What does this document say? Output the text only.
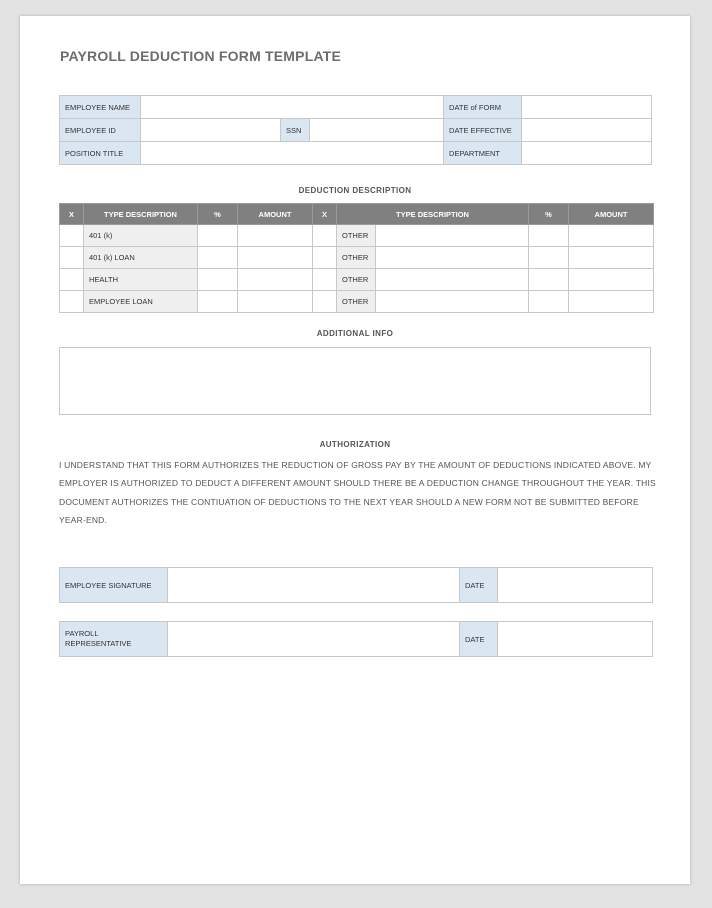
PAYROLL DEDUCTION FORM TEMPLATE
EMPLOYEE NAME				DATE of FORM	
EMPLOYEE ID		SSN		DATE EFFECTIVE	
POSITION TITLE				DEPARTMENT	
DEDUCTION DESCRIPTION
X	TYPE DESCRIPTION	%	AMOUNT	X	TYPE DESCRIPTION		%	AMOUNT
	401 (k)				OTHER			
	401 (k) LOAN				OTHER			
	HEALTH				OTHER			
	EMPLOYEE LOAN				OTHER			
ADDITIONAL INFO
AUTHORIZATION
I UNDERSTAND THAT THIS FORM AUTHORIZES THE REDUCTION OF GROSS PAY BY THE AMOUNT OF DEDUCTIONS INDICATED ABOVE. MY EMPLOYER IS AUTHORIZED TO DEDUCT A DIFFERENT AMOUNT SHOULD THERE BE A DEDUCTION CHANGE THROUGHOUT THE YEAR. THIS DOCUMENT AUTHORIZES THE CONTIUATION OF DEDUCTIONS TO THE NEXT YEAR SHOULD A NEW FORM NOT BE SUBMITTED BEFORE YEAR-END.
EMPLOYEE SIGNATURE		DATE	
PAYROLL
REPRESENTATIVE		DATE	
